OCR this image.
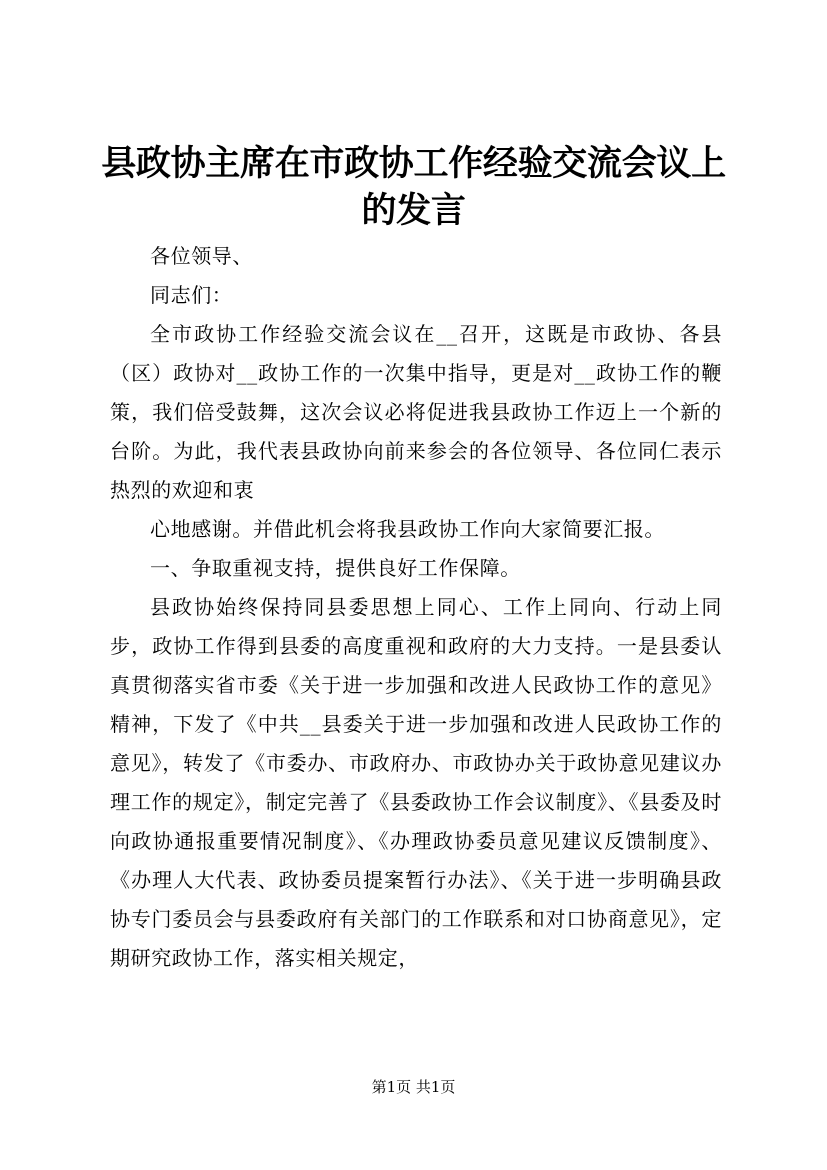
县政协主席在市政协工作经验交流会议上的发言

各位领导、

同志们：

全市政协工作经验交流会议在__召开，这既是市政协、各县（区）政协对__政协工作的一次集中指导，更是对__政协工作的鞭策，我们倍受鼓舞，这次会议必将促进我县政协工作迈上一个新的台阶。为此，我代表县政协向前来参会的各位领导、各位同仁表示热烈的欢迎和衷

心地感谢。并借此机会将我县政协工作向大家简要汇报。

一、争取重视支持，提供良好工作保障。

县政协始终保持同县委思想上同心、工作上同向、行动上同步，政协工作得到县委的高度重视和政府的大力支持。一是县委认真贯彻落实省市委《关于进一步加强和改进人民政协工作的意见》精神，下发了《中共__县委关于进一步加强和改进人民政协工作的意见》，转发了《市委办、市政府办、市政协办关于政协意见建议办理工作的规定》，制定完善了《县委政协工作会议制度》、《县委及时向政协通报重要情况制度》、《办理政协委员意见建议反馈制度》、《办理人大代表、政协委员提案暂行办法》、《关于进一步明确县政协专门委员会与县委政府有关部门的工作联系和对口协商意见》，定期研究政协工作，落实相关规定，

第1页 共1页
